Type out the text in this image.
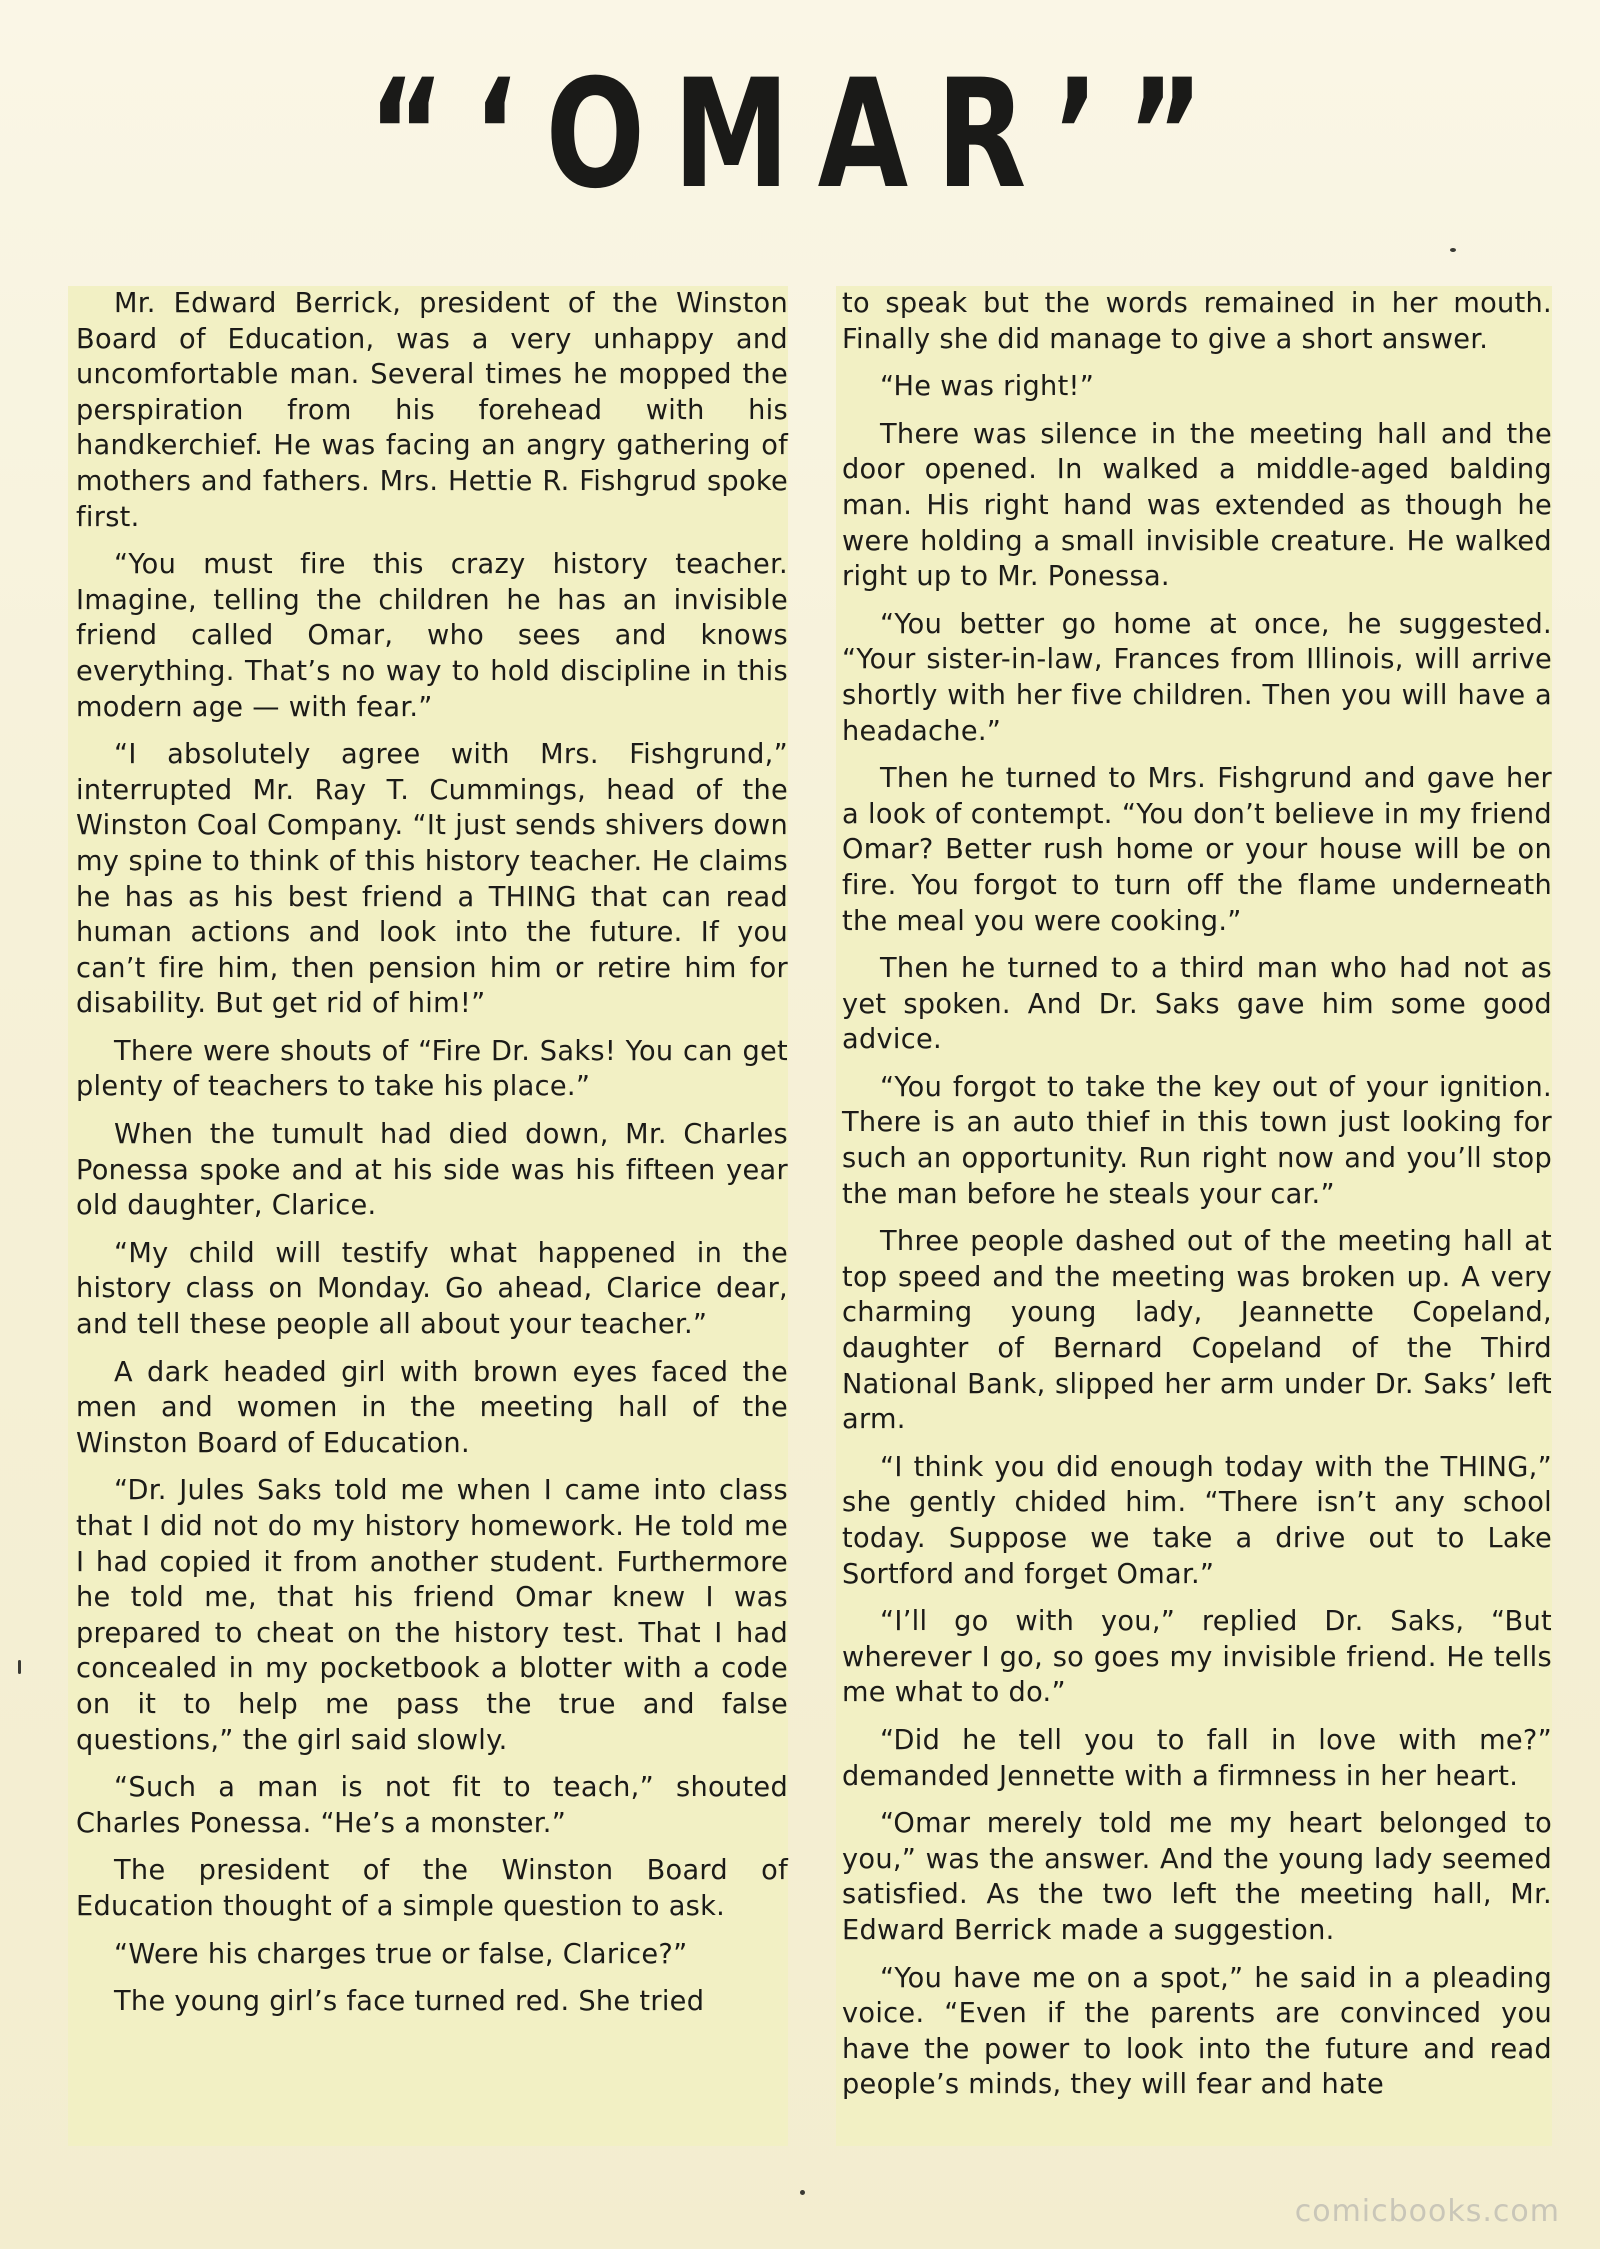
“‘OMAR’”

Mr. Edward Berrick, president of the Winston Board of Education, was a very unhappy and uncomfortable man. Several times he mopped the perspiration from his forehead with his handkerchief. He was facing an angry gathering of mothers and fathers. Mrs. Hettie R. Fishgrud spoke first.

“You must fire this crazy history teacher. Imagine, telling the children he has an invisible friend called Omar, who sees and knows everything. That’s no way to hold discipline in this modern age — with fear.”

“I absolutely agree with Mrs. Fishgrund,” interrupted Mr. Ray T. Cummings, head of the Winston Coal Company. “It just sends shivers down my spine to think of this history teacher. He claims he has as his best friend a THING that can read human actions and look into the future. If you can’t fire him, then pension him or retire him for disability. But get rid of him!”

There were shouts of “Fire Dr. Saks! You can get plenty of teachers to take his place.”

When the tumult had died down, Mr. Charles Ponessa spoke and at his side was his fifteen year old daughter, Clarice.

“My child will testify what happened in the history class on Monday. Go ahead, Clarice dear, and tell these people all about your teacher.”

A dark headed girl with brown eyes faced the men and women in the meeting hall of the Winston Board of Education.

“Dr. Jules Saks told me when I came into class that I did not do my history homework. He told me I had copied it from another student. Furthermore he told me, that his friend Omar knew I was prepared to cheat on the history test. That I had concealed in my pocketbook a blotter with a code on it to help me pass the true and false questions,” the girl said slowly.

“Such a man is not fit to teach,” shouted Charles Ponessa. “He’s a monster.”

The president of the Winston Board of Education thought of a simple question to ask.

“Were his charges true or false, Clarice?”

The young girl’s face turned red. She tried

to speak but the words remained in her mouth. Finally she did manage to give a short answer.

“He was right!”

There was silence in the meeting hall and the door opened. In walked a middle-aged balding man. His right hand was extended as though he were holding a small invisible creature. He walked right up to Mr. Ponessa.

“You better go home at once, he suggested. “Your sister-in-law, Frances from Illinois, will arrive shortly with her five children. Then you will have a headache.”

Then he turned to Mrs. Fishgrund and gave her a look of contempt. “You don’t believe in my friend Omar? Better rush home or your house will be on fire. You forgot to turn off the flame underneath the meal you were cooking.”

Then he turned to a third man who had not as yet spoken. And Dr. Saks gave him some good advice.

“You forgot to take the key out of your ignition. There is an auto thief in this town just looking for such an opportunity. Run right now and you’ll stop the man before he steals your car.”

Three people dashed out of the meeting hall at top speed and the meeting was broken up. A very charming young lady, Jeannette Copeland, daughter of Bernard Copeland of the Third National Bank, slipped her arm under Dr. Saks’ left arm.

“I think you did enough today with the THING,” she gently chided him. “There isn’t any school today. Suppose we take a drive out to Lake Sortford and forget Omar.”

“I’ll go with you,” replied Dr. Saks, “But wherever I go, so goes my invisible friend. He tells me what to do.”

“Did he tell you to fall in love with me?” demanded Jennette with a firmness in her heart.

“Omar merely told me my heart belonged to you,” was the answer. And the young lady seemed satisfied. As the two left the meeting hall, Mr. Edward Berrick made a suggestion.

“You have me on a spot,” he said in a pleading voice. “Even if the parents are convinced you have the power to look into the future and read people’s minds, they will fear and hate

comicbooks.com
